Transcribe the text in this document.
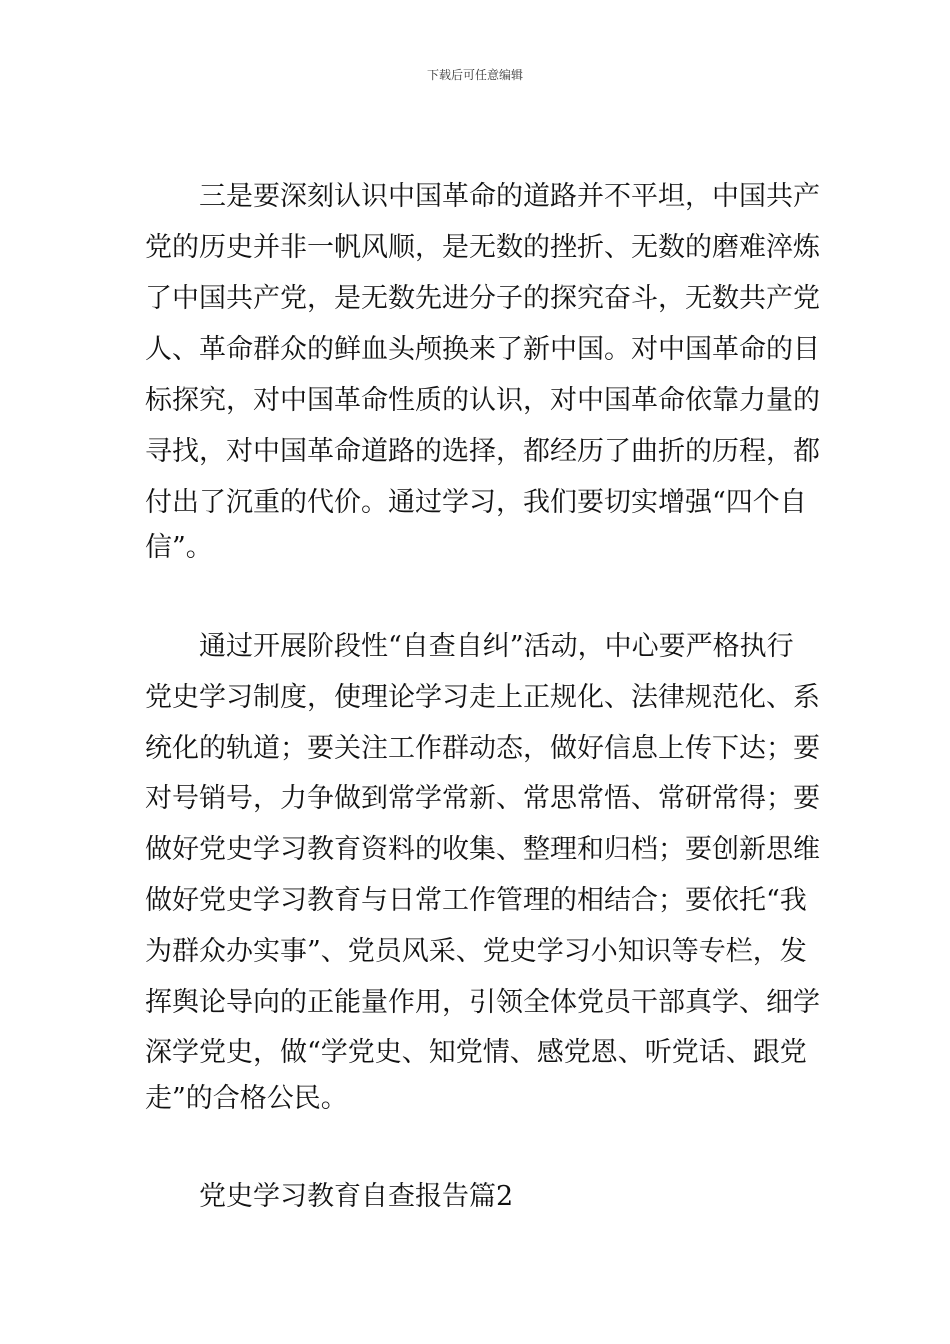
下载后可任意编辑
三是要深刻认识中国革命的道路并不平坦，中国共产
党的历史并非一帆风顺，是无数的挫折、无数的磨难淬炼
了中国共产党，是无数先进分子的探究奋斗，无数共产党
人、革命群众的鲜血头颅换来了新中国。对中国革命的目
标探究，对中国革命性质的认识，对中国革命依靠力量的
寻找，对中国革命道路的选择，都经历了曲折的历程，都
付出了沉重的代价。通过学习，我们要切实增强“四个自
信”。
通过开展阶段性“自查自纠”活动，中心要严格执行
党史学习制度，使理论学习走上正规化、法律规范化、系
统化的轨道；要关注工作群动态，做好信息上传下达；要
对号销号，力争做到常学常新、常思常悟、常研常得；要
做好党史学习教育资料的收集、整理和归档；要创新思维
做好党史学习教育与日常工作管理的相结合；要依托“我
为群众办实事”、党员风采、党史学习小知识等专栏，发
挥舆论导向的正能量作用，引领全体党员干部真学、细学
深学党史，做“学党史、知党情、感党恩、听党话、跟党
走”的合格公民。
党史学习教育自查报告篇2
